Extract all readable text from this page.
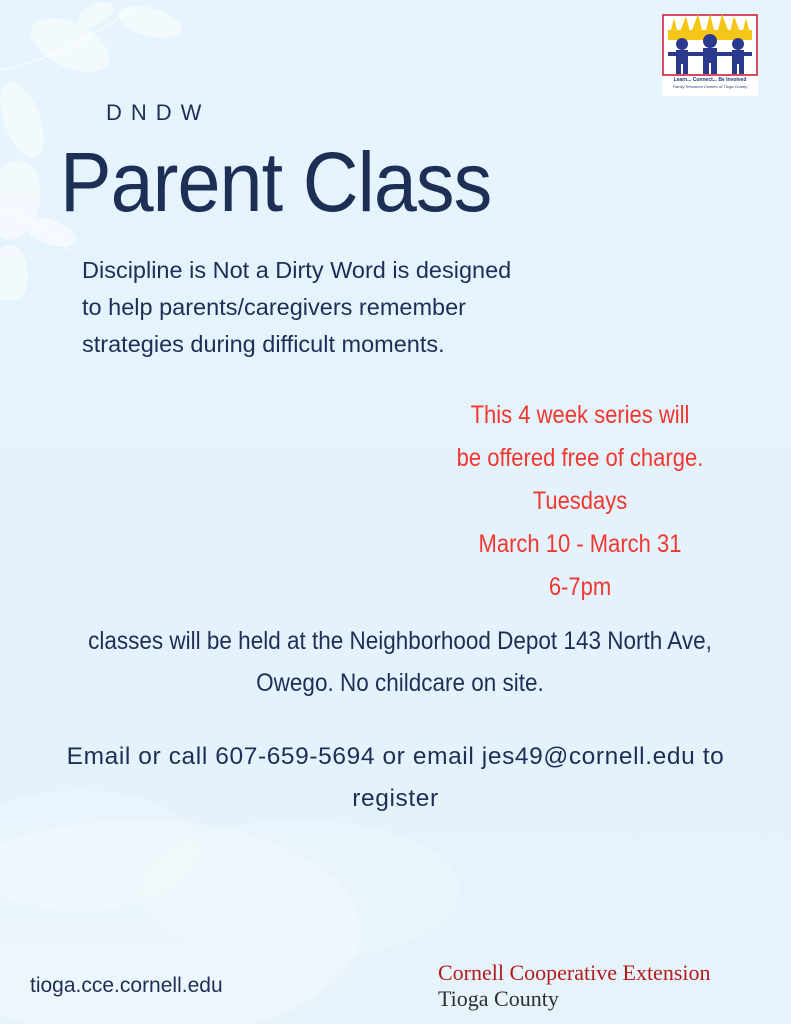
Learn... Connect... Be Involved
Family Resource Centers of Tioga County
DNDW
Parent Class
Discipline is Not a Dirty Word is designed to help parents/caregivers remember strategies during difficult moments.
This 4 week series will
be offered free of charge.
Tuesdays
March 10 - March 31
6-7pm
classes will be held at the Neighborhood Depot 143 North Ave,
Owego. No childcare on site.
Email or call 607-659-5694 or email jes49@cornell.edu to
register
tioga.cce.cornell.edu
Cornell Cooperative Extension
Tioga County
